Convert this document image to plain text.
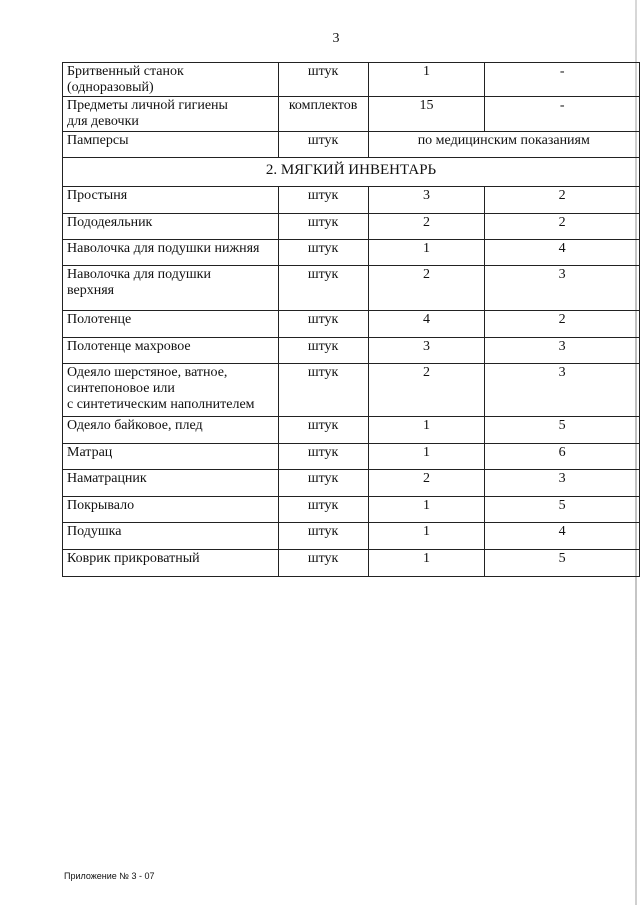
3
Бритвенный станок
(одноразовый)	штук	1	-
Предметы личной гигиены
для девочки	комплектов	15	-
Памперсы	штук	по медицинским показаниям	
2. МЯГКИЙ ИНВЕНТАРЬ			
Простыня	штук	3	2
Пододеяльник	штук	2	2
Наволочка для подушки нижняя	штук	1	4
Наволочка для подушки
верхняя	штук	2	3
Полотенце	штук	4	2
Полотенце махровое	штук	3	3
Одеяло шерстяное, ватное,
синтепоновое или
с синтетическим наполнителем	штук	2	3
Одеяло байковое, плед	штук	1	5
Матрац	штук	1	6
Наматрацник	штук	2	3
Покрывало	штук	1	5
Подушка	штук	1	4
Коврик прикроватный	штук	1	5
Приложение № 3 - 07
